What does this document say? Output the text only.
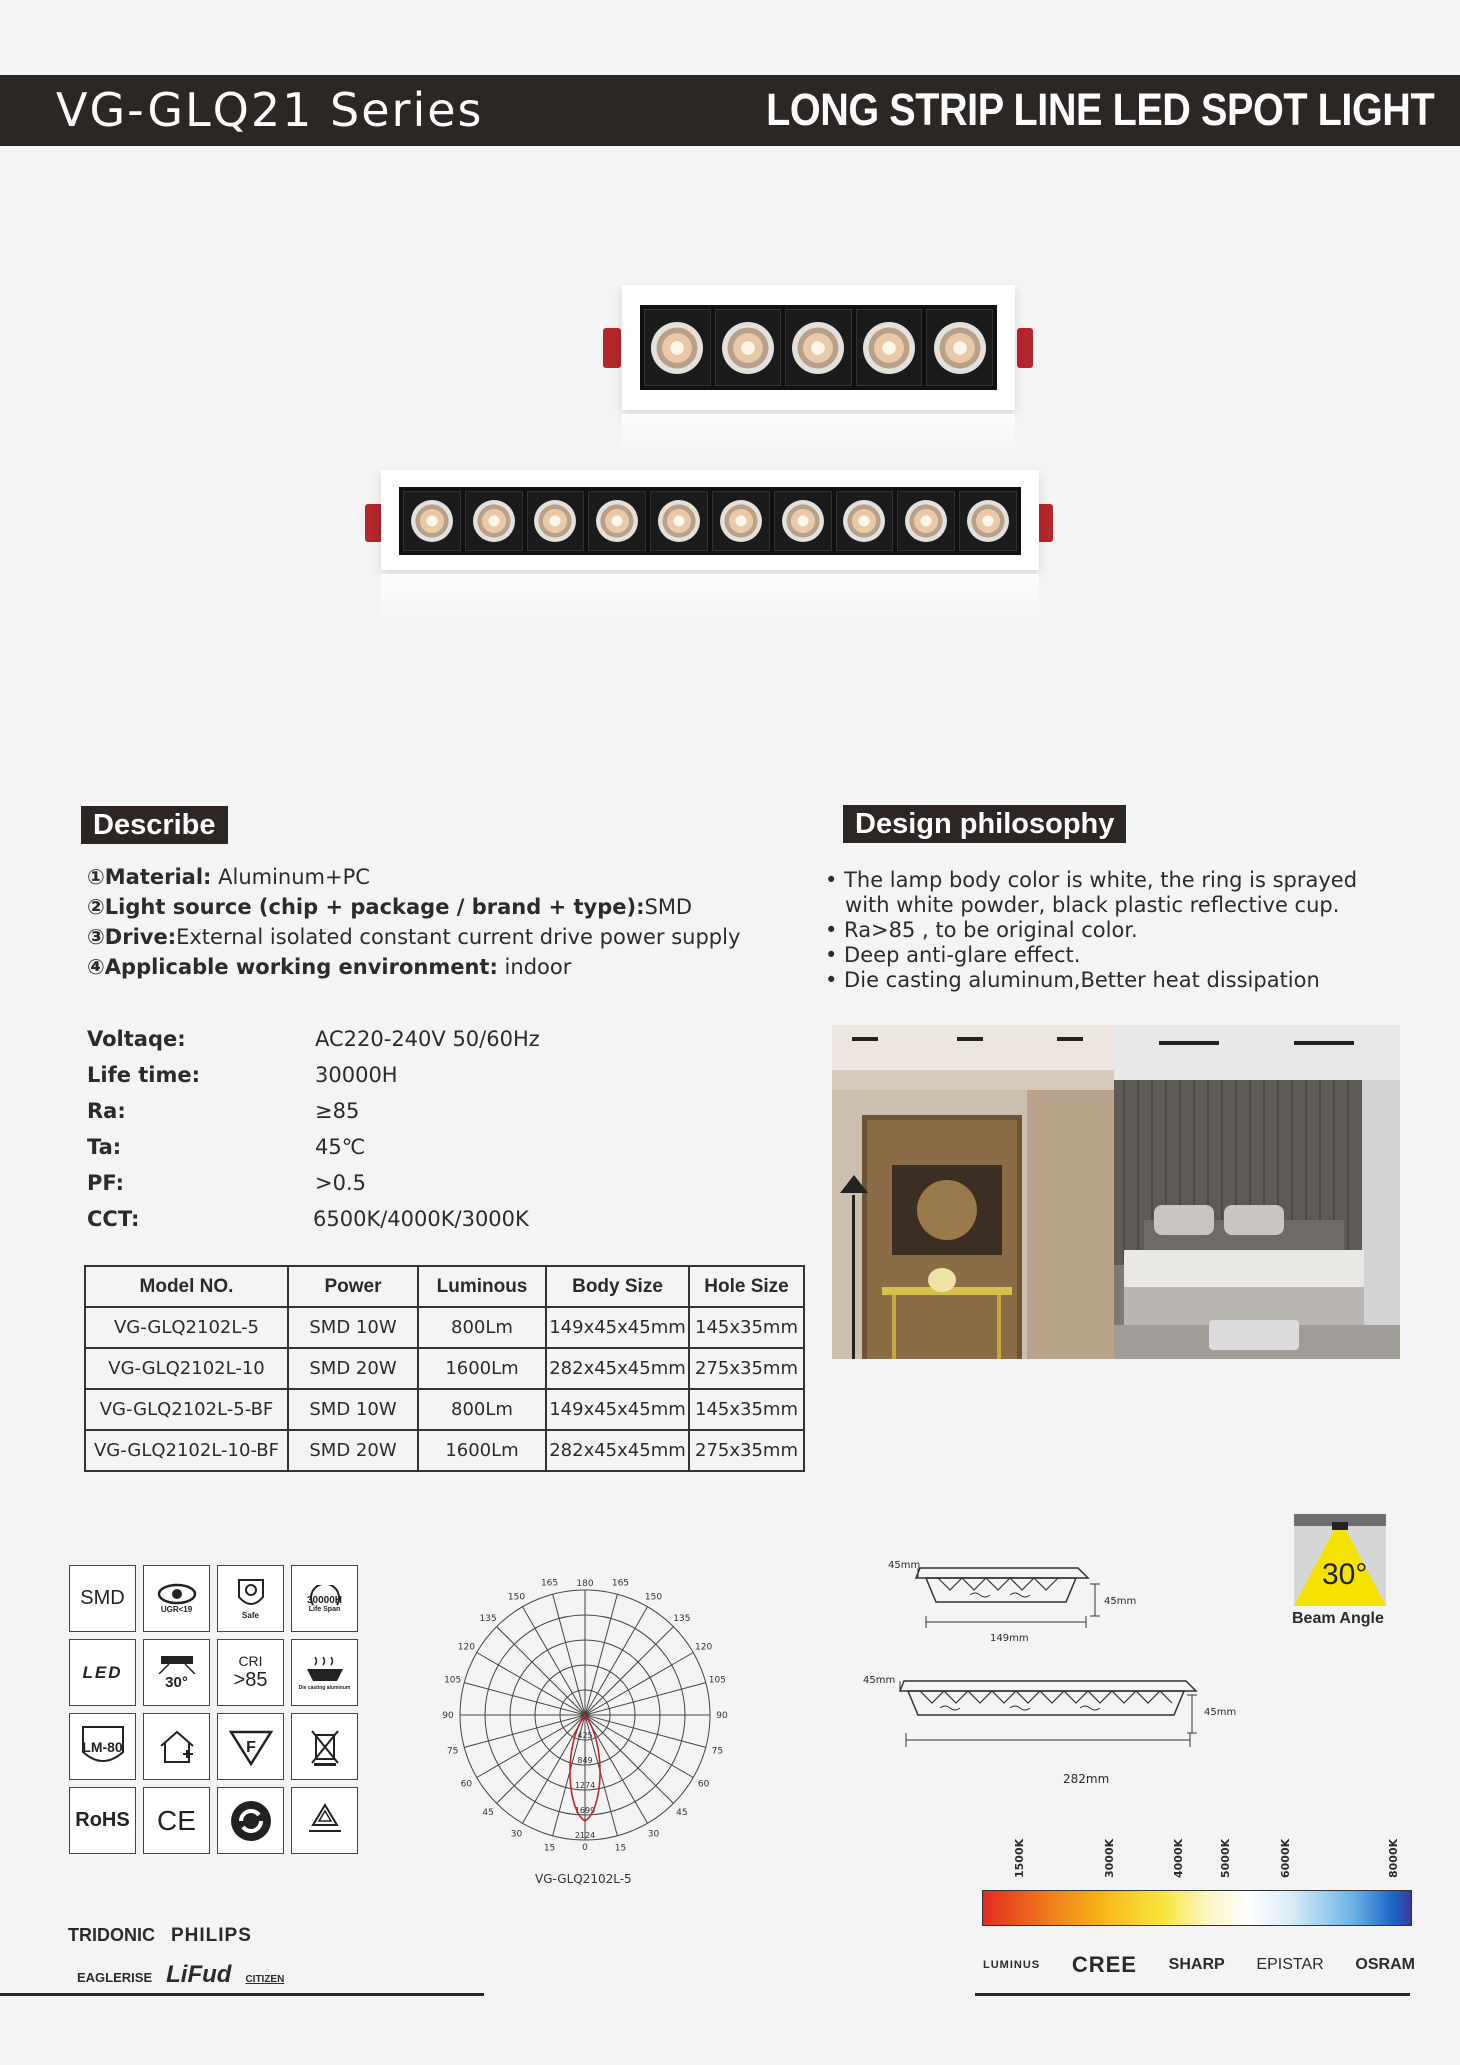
VG-GLQ21 Series	LONG STRIP LINE LED SPOT LIGHT
Describe
①Material: Aluminum+PC
②Light source (chip + package / brand + type):SMD
③Drive:External isolated constant current drive power supply
④Applicable working environment: indoor
Design philosophy
• The lamp body color is white, the ring is sprayed
with white powder, black plastic reflective cup.
• Ra>85 , to be original color.
• Deep anti-glare effect.
• Die casting aluminum,Better heat dissipation
Voltaqe:	AC220-240V 50/60Hz
Life time:	30000H
Ra:	≥85
Ta:	45℃
PF:	>0.5
CCT:	6500K/4000K/3000K
Model NO.	Power	Luminous	Body Size	Hole Size
VG-GLQ2102L-5	SMD 10W	800Lm	149x45x45mm	145x35mm
VG-GLQ2102L-10	SMD 20W	1600Lm	282x45x45mm	275x35mm
VG-GLQ2102L-5-BF	SMD 10W	800Lm	149x45x45mm	145x35mm
VG-GLQ2102L-10-BF	SMD 20W	1600Lm	282x45x45mm	275x35mm
SMD
UGR<19
Safe
30000H
Life Span
LED
30°
CRI
>85	Die casting aluminum
LM-80	F
RoHS CE
165	165
150	150
135	135
120	120
105	105
90	90
75	75
60	60
45	45
30	30
15	15
180
0
425
849
1274
1699
2124
VG-GLQ2102L-5
30°
Beam Angle
45mm
45mm
149mm
45mm
45mm
282mm
1500K	3000K	4000K	5000K	6000K	8000K
LUMINUS CREE SHARP EPISTAR OSRAM
TRIDONIC PHILIPS
EAGLERISE LiFud CITIZEN
